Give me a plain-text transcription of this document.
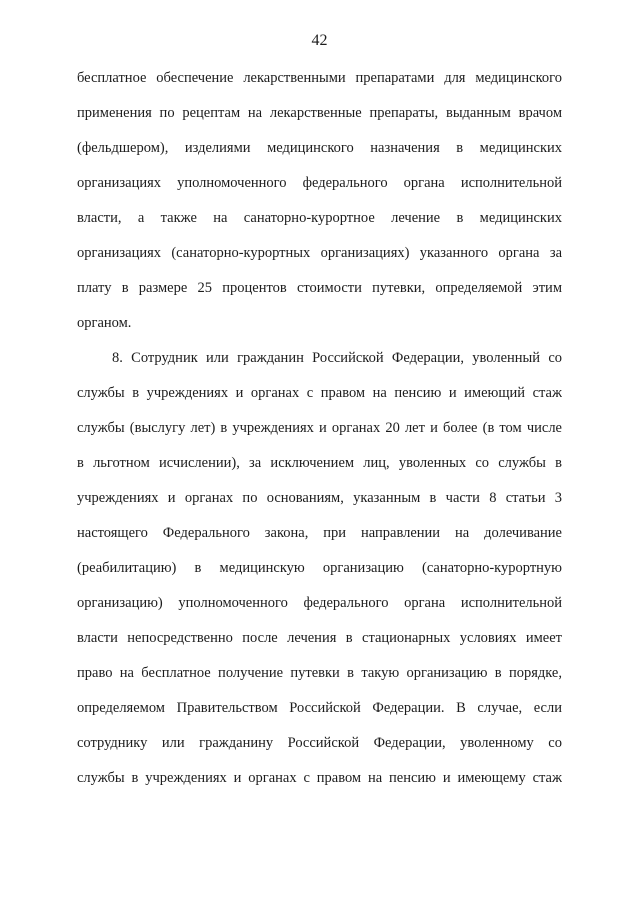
42
бесплатное обеспечение лекарственными препаратами для медицинского
применения по рецептам на лекарственные препараты, выданным врачом
(фельдшером), изделиями медицинского назначения в медицинских
организациях уполномоченного федерального органа исполнительной
власти, а также на санаторно-курортное лечение в медицинских
организациях (санаторно-курортных организациях) указанного органа за
плату в размере 25 процентов стоимости путевки, определяемой этим
органом.
8. Сотрудник или гражданин Российской Федерации, уволенный со
службы в учреждениях и органах с правом на пенсию и имеющий стаж
службы (выслугу лет) в учреждениях и органах 20 лет и более (в том числе
в льготном исчислении), за исключением лиц, уволенных со службы в
учреждениях и органах по основаниям, указанным в части 8 статьи 3
настоящего Федерального закона, при направлении на долечивание
(реабилитацию) в медицинскую организацию (санаторно-курортную
организацию) уполномоченного федерального органа исполнительной
власти непосредственно после лечения в стационарных условиях имеет
право на бесплатное получение путевки в такую организацию в порядке,
определяемом Правительством Российской Федерации. В случае, если
сотруднику или гражданину Российской Федерации, уволенному со
службы в учреждениях и органах с правом на пенсию и имеющему стаж
